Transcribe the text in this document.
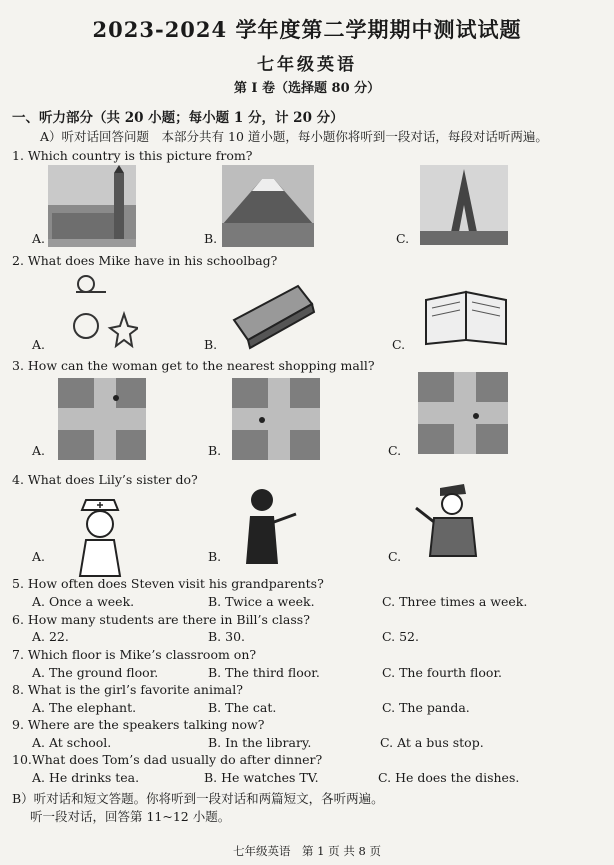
2023-2024 学年度第二学期期中测试试题
七年级英语
第 I 卷（选择题 80 分）
一、听力部分（共 20 小题；每小题 1 分，计 20 分）
A）听对话回答问题　本部分共有 10 道小题，每小题你将听到一段对话，每段对话听两遍。
1. Which country is this picture from?
A.	B.	C.
2. What does Mike have in his schoolbag?
A.	B.	C.
3. How can the woman get to the nearest shopping mall?
A.	B.	C.
4. What does Lily’s sister do?
A.	B.	C.
5. How often does Steven visit his grandparents?
A. Once a week.	B. Twice a week.	C. Three times a week.
6. How many students are there in Bill’s class?
A. 22.	B. 30.	C. 52.
7. Which floor is Mike’s classroom on?
A. The ground floor.	B. The third floor.	C. The fourth floor.
8. What is the girl’s favorite animal?
A. The elephant.	B. The cat.	C. The panda.
9. Where are the speakers talking now?
A. At school.	B. In the library.	C. At a bus stop.
10.What does Tom’s dad usually do after dinner?
A. He drinks tea.	B. He watches TV.	C. He does the dishes.
B）听对话和短文答题。你将听到一段对话和两篇短文，各听两遍。
听一段对话，回答第 11~12 小题。
七年级英语　第 1 页 共 8 页
